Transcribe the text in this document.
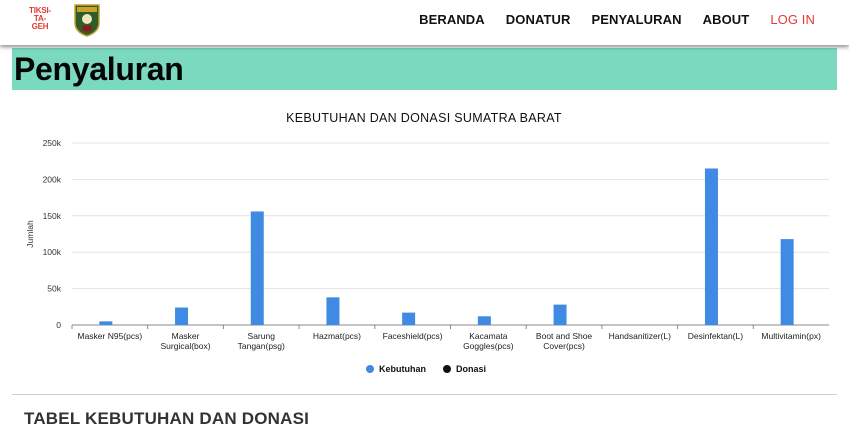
TIKSI-
TA-
GEH	BERANDA DONATUR PENYALURAN ABOUT LOG IN
Penyaluran
KEBUTUHAN DAN DONASI SUMATRA BARAT
0
50k
100k
150k
200k
250k
Jumlah
Masker N95(pcs)	Masker
Surgical(box)
Sarung
Tangan(psg)
Hazmat(pcs)	Faceshield(pcs)	Kacamata
Goggles(pcs)
Boot and Shoe
Cover(pcs)
Handsanitizer(L) Desinfektan(L) Multivitamin(px)
Kebutuhan	Donasi
TABEL KEBUTUHAN DAN DONASI
